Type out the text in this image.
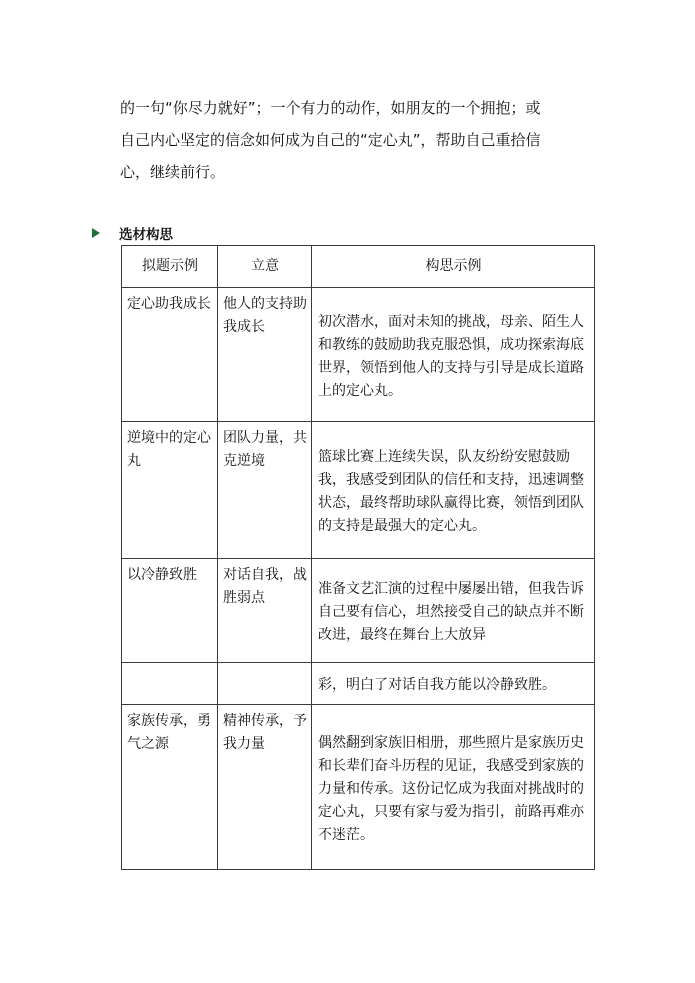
的一句“你尽力就好”；一个有力的动作，如朋友的一个拥抱；或
自己内心坚定的信念如何成为自己的“定心丸”，帮助自己重拾信
心，继续前行。
选材构思
拟题示例	立意	构思示例
定心助我成长	他人的支持助我成长	初次潜水，面对未知的挑战，母亲、陌生人和教练的鼓励助我克服恐惧，成功探索海底世界，领悟到他人的支持与引导是成长道路上的定心丸。
逆境中的定心丸	团队力量，共克逆境	篮球比赛上连续失误，队友纷纷安慰鼓励我，我感受到团队的信任和支持，迅速调整状态，最终帮助球队赢得比赛，领悟到团队的支持是最强大的定心丸。
以冷静致胜	对话自我，战胜弱点	准备文艺汇演的过程中屡屡出错，但我告诉自己要有信心，坦然接受自己的缺点并不断改进，最终在舞台上大放异
		彩，明白了对话自我方能以冷静致胜。
家族传承，勇气之源	精神传承，予我力量	偶然翻到家族旧相册，那些照片是家族历史和长辈们奋斗历程的见证，我感受到家族的力量和传承。这份记忆成为我面对挑战时的定心丸，只要有家与爱为指引，前路再难亦不迷茫。
